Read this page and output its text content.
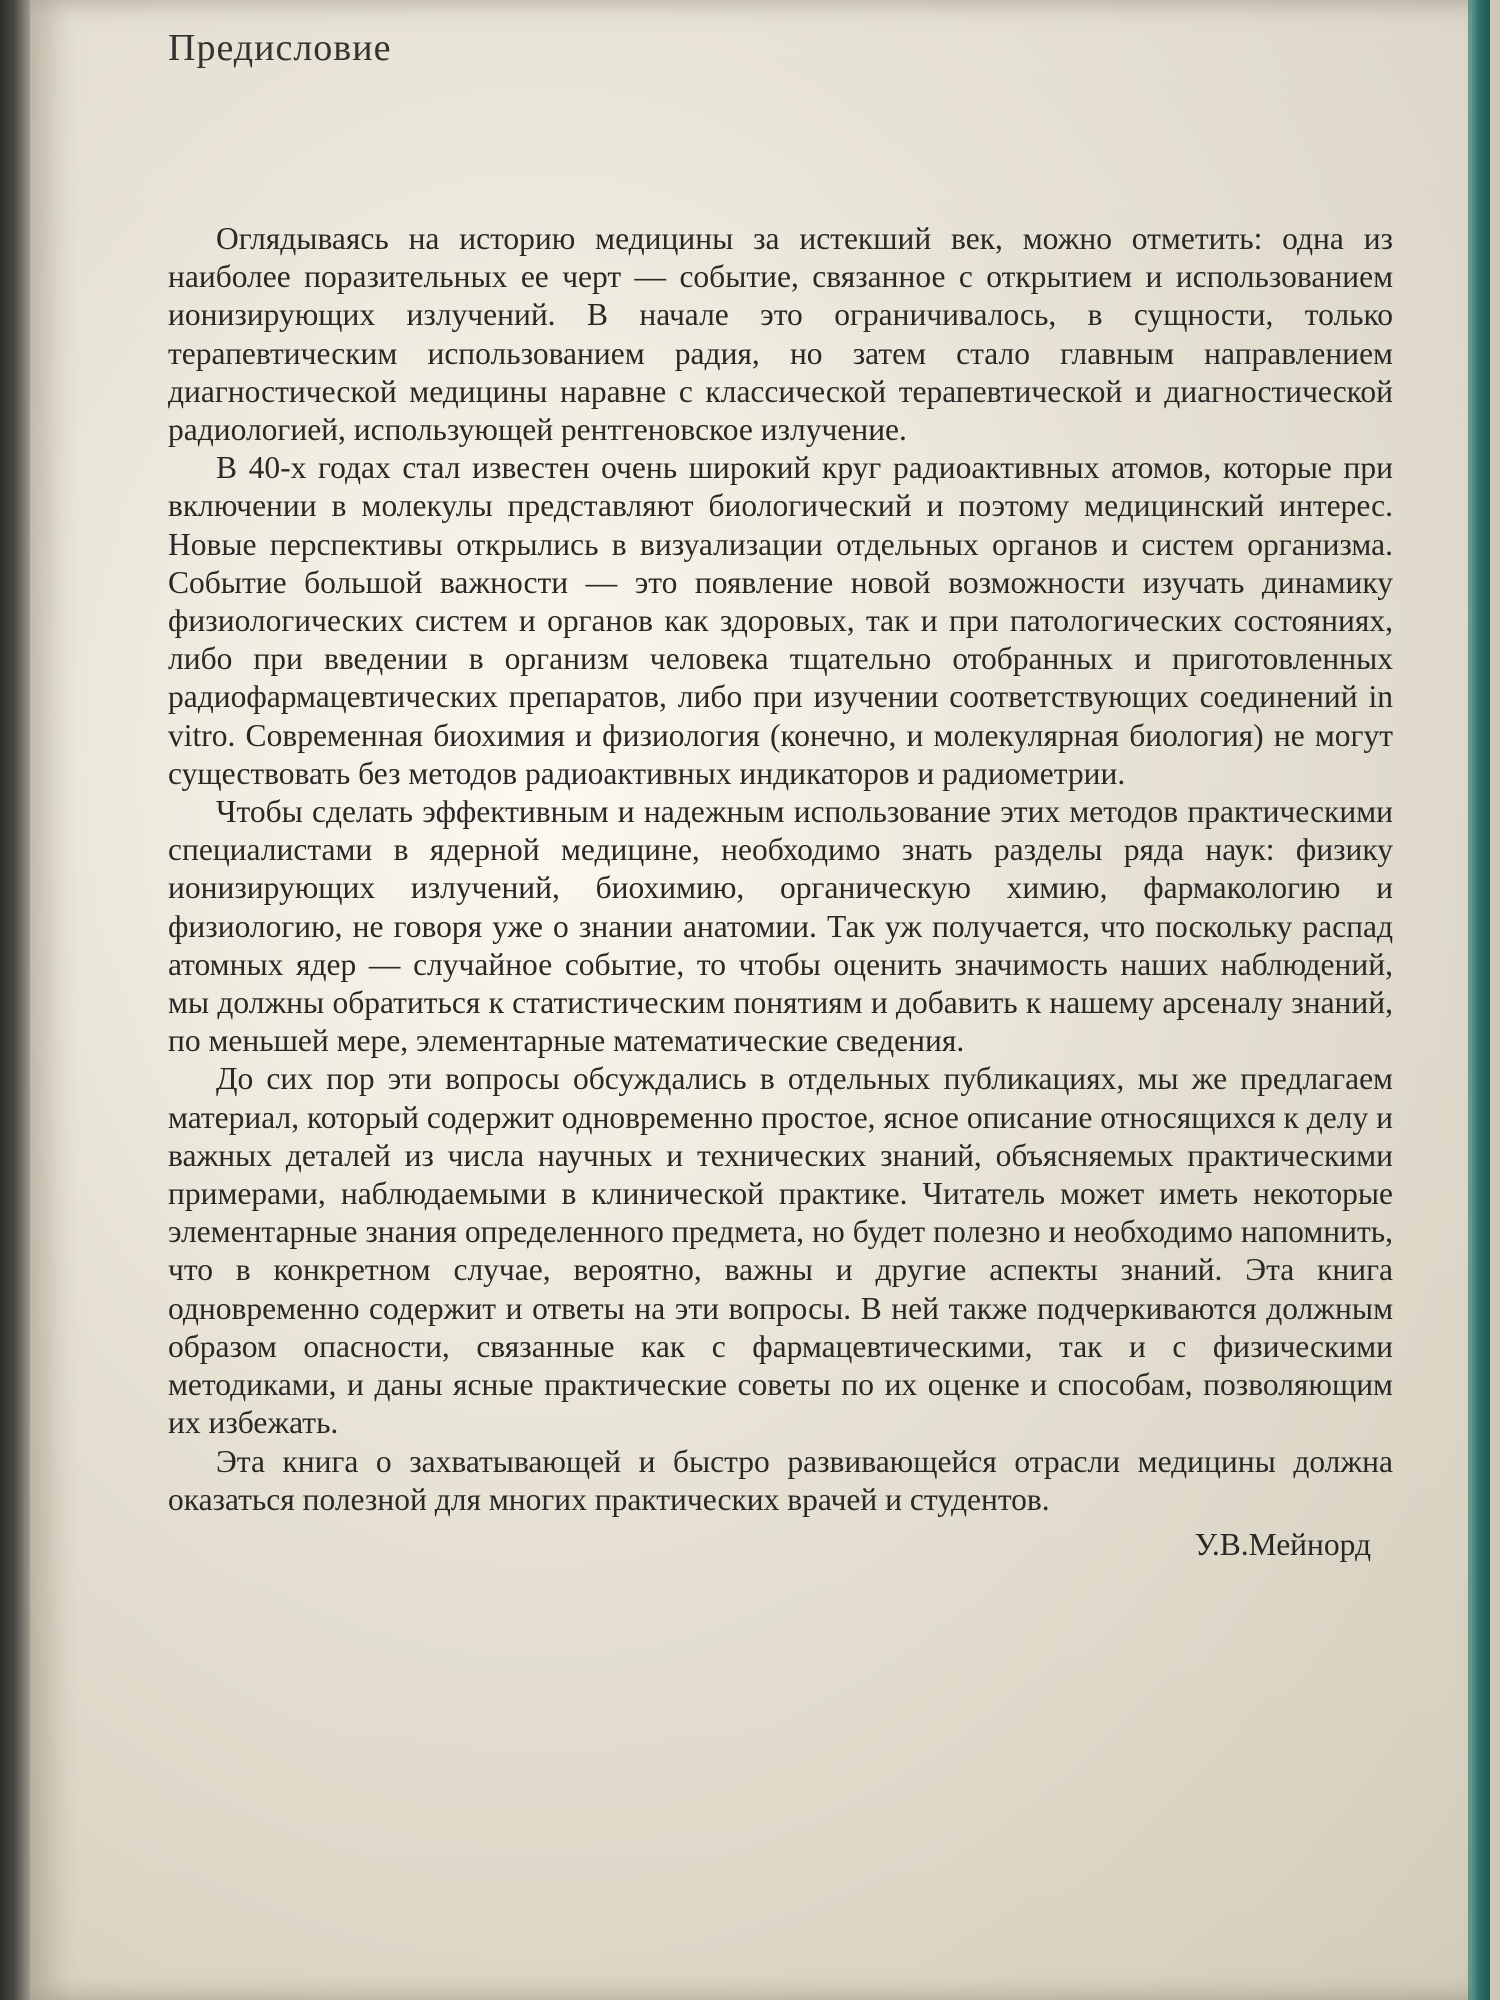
Предисловие

Оглядываясь на историю медицины за истекший век, можно отметить: одна из наиболее поразительных ее черт — событие, связанное с открытием и использованием ионизирующих излучений. В начале это ограничивалось, в сущности, только терапевтическим использованием радия, но затем стало главным направлением диагностической медицины наравне с классической терапевтической и диагностической радиологией, использующей рентгеновское излучение.

В 40-х годах стал известен очень широкий круг радиоактивных атомов, которые при включении в молекулы представляют биологический и поэтому медицинский интерес. Новые перспективы открылись в визуализации отдельных органов и систем организма. Событие большой важности — это появление новой возможности изучать динамику физиологических систем и органов как здоровых, так и при патологических состояниях, либо при введении в организм человека тщательно отобранных и приготовленных радиофармацевтических препаратов, либо при изучении соответствующих соединений in vitro. Современная биохимия и физиология (конечно, и молекулярная биология) не могут существовать без методов радиоактивных индикаторов и радиометрии.

Чтобы сделать эффективным и надежным использование этих методов практическими специалистами в ядерной медицине, необходимо знать разделы ряда наук: физику ионизирующих излучений, биохимию, органическую химию, фармакологию и физиологию, не говоря уже о знании анатомии. Так уж получается, что поскольку распад атомных ядер — случайное событие, то чтобы оценить значимость наших наблюдений, мы должны обратиться к статистическим понятиям и добавить к нашему арсеналу знаний, по меньшей мере, элементарные математические сведения.

До сих пор эти вопросы обсуждались в отдельных публикациях, мы же предлагаем материал, который содержит одновременно простое, ясное описание относящихся к делу и важных деталей из числа научных и технических знаний, объясняемых практическими примерами, наблюдаемыми в клинической практике. Читатель может иметь некоторые элементарные знания определенного предмета, но будет полезно и необходимо напомнить, что в конкретном случае, вероятно, важны и другие аспекты знаний. Эта книга одновременно содержит и ответы на эти вопросы. В ней также подчеркиваются должным образом опасности, связанные как с фармацевтическими, так и с физическими методиками, и даны ясные практические советы по их оценке и способам, позволяющим их избежать.

Эта книга о захватывающей и быстро развивающейся отрасли медицины должна оказаться полезной для многих практических врачей и студентов.

У.В.Мейнорд
